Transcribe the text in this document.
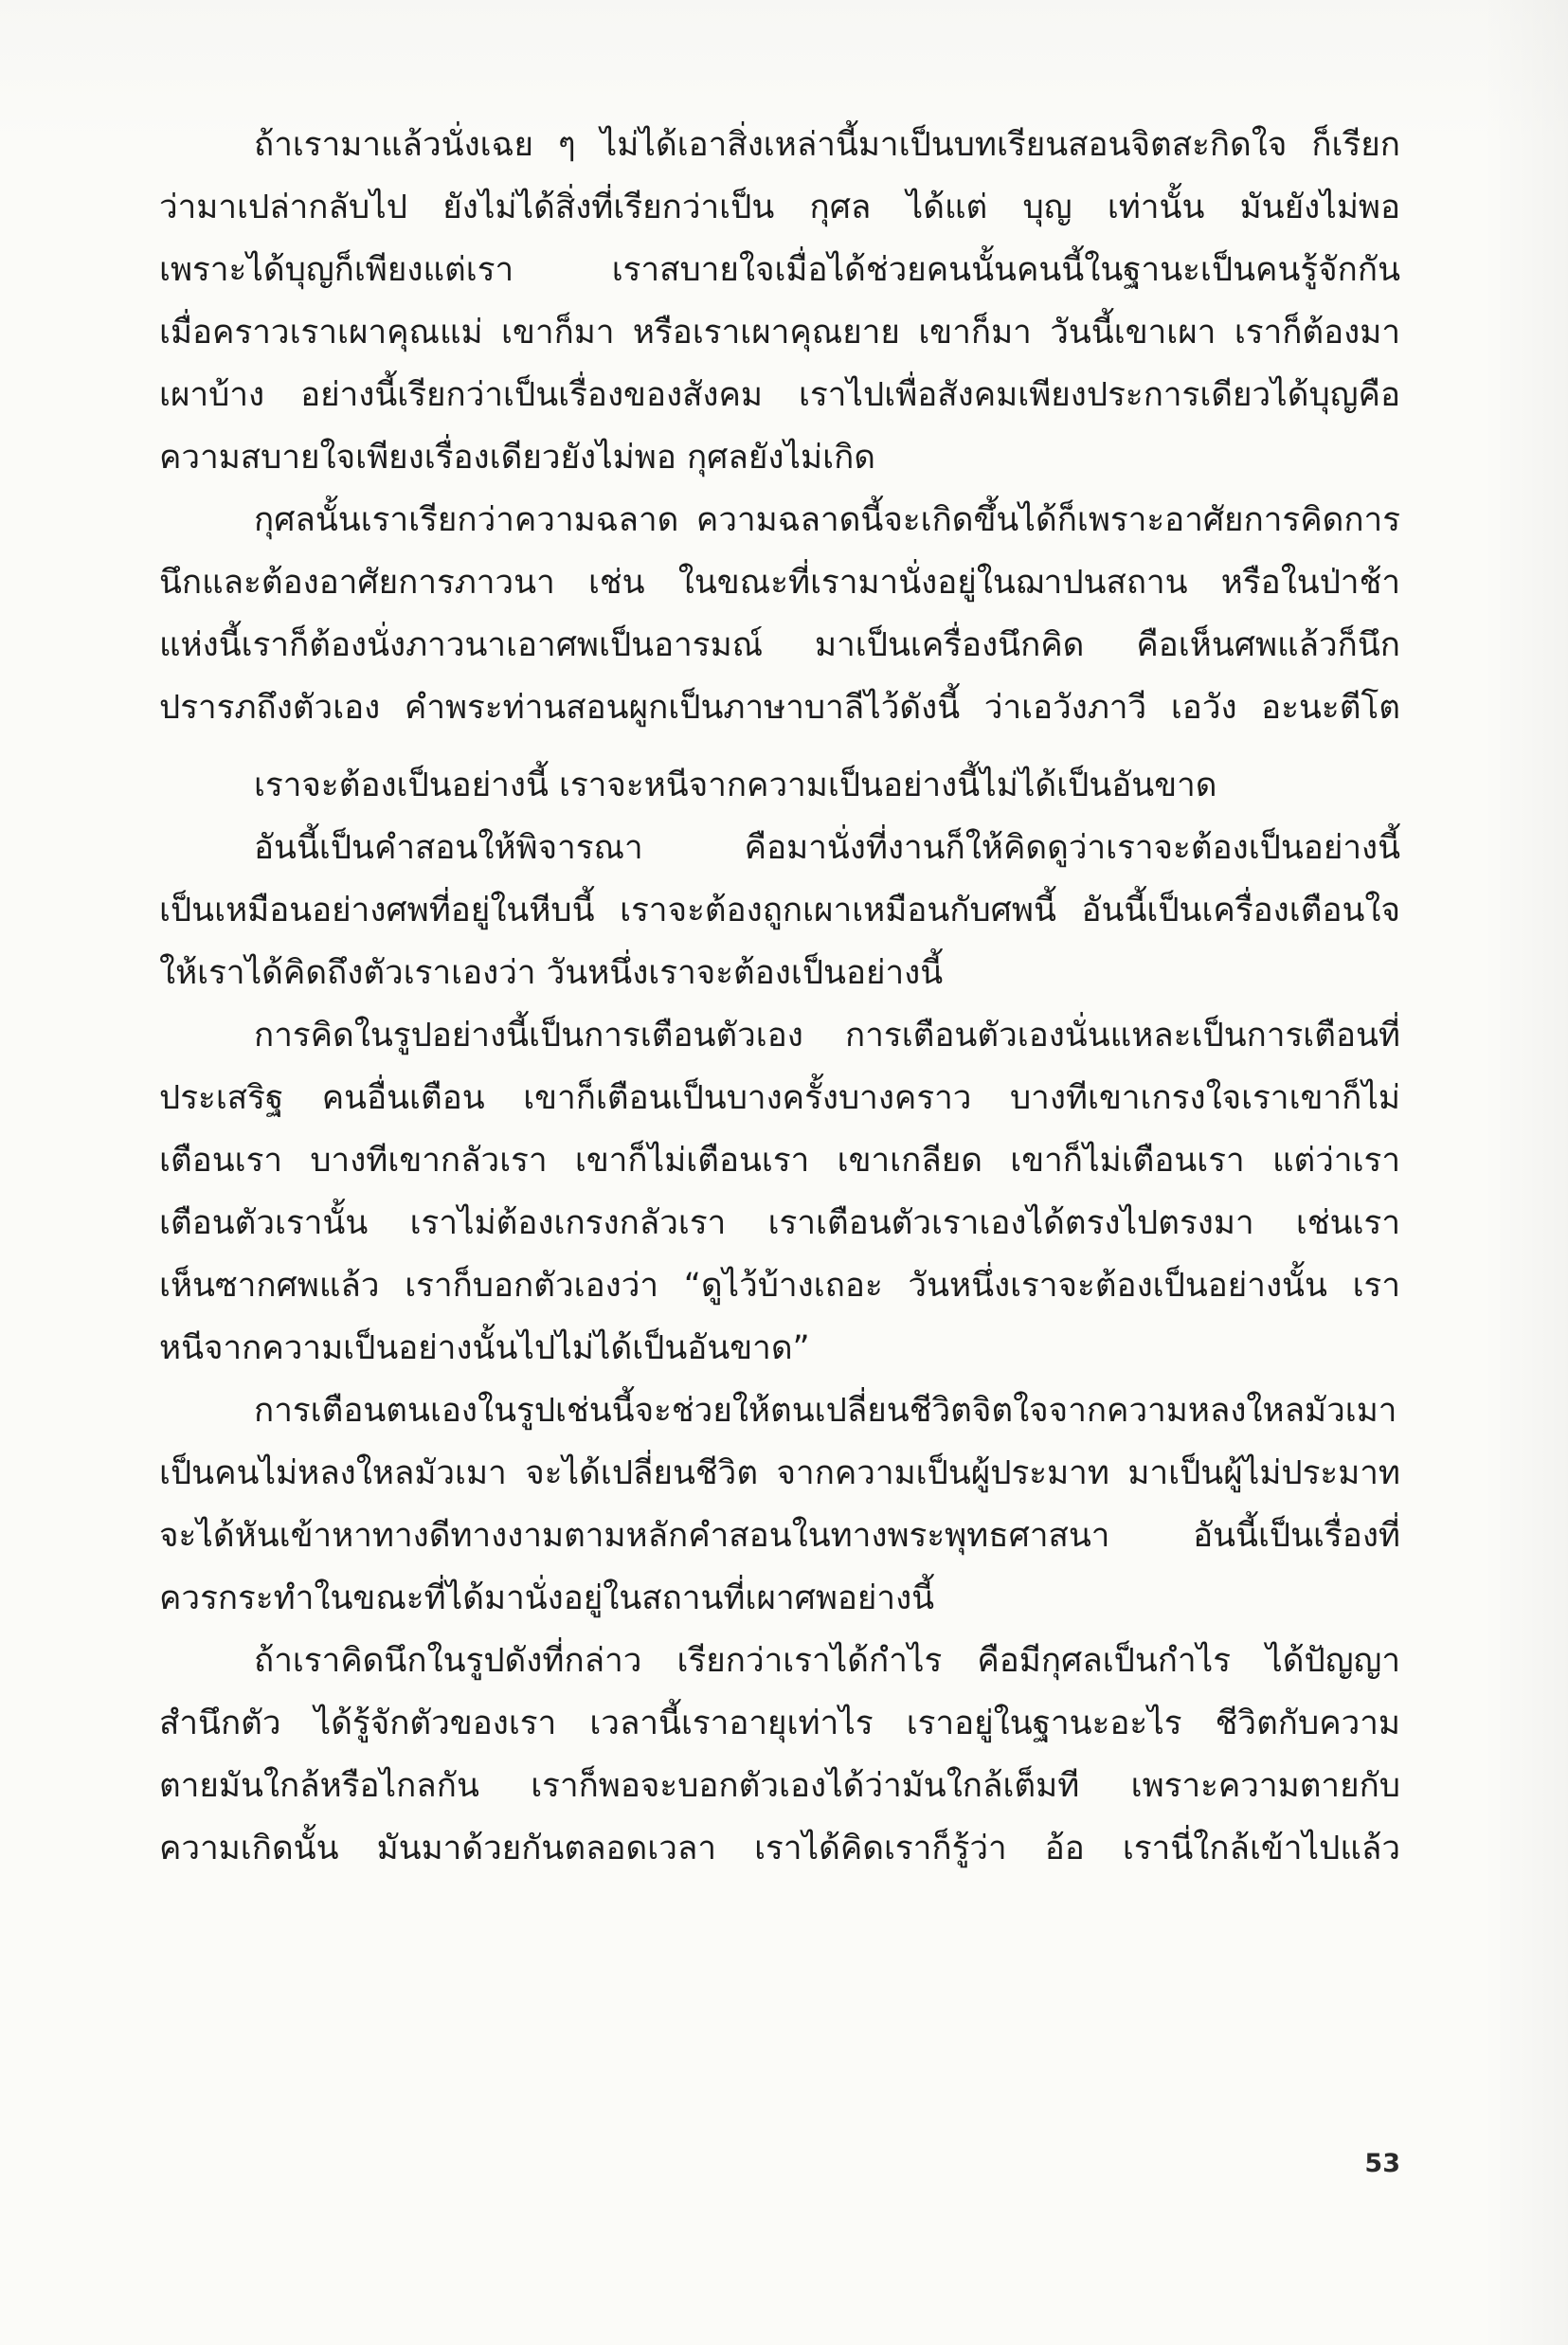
ถ้าเรามาแล้วนั่งเฉย ๆ ไม่ได้เอาสิ่งเหล่านี้มาเป็นบทเรียนสอนจิตสะกิดใจ ก็เรียก
ว่ามาเปล่ากลับไป ยังไม่ได้สิ่งที่เรียกว่าเป็น กุศล ได้แต่ บุญ เท่านั้น มันยังไม่พอ
เพราะได้บุญก็เพียงแต่เรา เราสบายใจเมื่อได้ช่วยคนนั้นคนนี้ในฐานะเป็นคนรู้จักกัน
เมื่อคราวเราเผาคุณแม่ เขาก็มา หรือเราเผาคุณยาย เขาก็มา วันนี้เขาเผา เราก็ต้องมา
เผาบ้าง อย่างนี้เรียกว่าเป็นเรื่องของสังคม เราไปเพื่อสังคมเพียงประการเดียวได้บุญคือ
ความสบายใจเพียงเรื่องเดียวยังไม่พอ กุศลยังไม่เกิด
กุศลนั้นเราเรียกว่าความฉลาด ความฉลาดนี้จะเกิดขึ้นได้ก็เพราะอาศัยการคิดการ
นึกและต้องอาศัยการภาวนา เช่น ในขณะที่เรามานั่งอยู่ในฌาปนสถาน หรือในป่าช้า
แห่งนี้เราก็ต้องนั่งภาวนาเอาศพเป็นอารมณ์ มาเป็นเครื่องนึกคิด คือเห็นศพแล้วก็นึก
ปรารภถึงตัวเอง คำพระท่านสอนผูกเป็นภาษาบาลีไว้ดังนี้ ว่าเอวังภาวี เอวัง อะนะตีโต
เราจะต้องเป็นอย่างนี้ เราจะหนีจากความเป็นอย่างนี้ไม่ได้เป็นอันขาด
อันนี้เป็นคำสอนให้พิจารณา คือมานั่งที่งานก็ให้คิดดูว่าเราจะต้องเป็นอย่างนี้
เป็นเหมือนอย่างศพที่อยู่ในหีบนี้ เราจะต้องถูกเผาเหมือนกับศพนี้ อันนี้เป็นเครื่องเตือนใจ
ให้เราได้คิดถึงตัวเราเองว่า วันหนึ่งเราจะต้องเป็นอย่างนี้
การคิดในรูปอย่างนี้เป็นการเตือนตัวเอง การเตือนตัวเองนั่นแหละเป็นการเตือนที่
ประเสริฐ คนอื่นเตือน เขาก็เตือนเป็นบางครั้งบางคราว บางทีเขาเกรงใจเราเขาก็ไม่
เตือนเรา บางทีเขากลัวเรา เขาก็ไม่เตือนเรา เขาเกลียด เขาก็ไม่เตือนเรา แต่ว่าเรา
เตือนตัวเรานั้น เราไม่ต้องเกรงกลัวเรา เราเตือนตัวเราเองได้ตรงไปตรงมา เช่นเรา
เห็นซากศพแล้ว เราก็บอกตัวเองว่า “ดูไว้บ้างเถอะ วันหนึ่งเราจะต้องเป็นอย่างนั้น เรา
หนีจากความเป็นอย่างนั้นไปไม่ได้เป็นอันขาด”
การเตือนตนเองในรูปเช่นนี้จะช่วยให้ตนเปลี่ยนชีวิตจิตใจจากความหลงใหลมัวเมา
เป็นคนไม่หลงใหลมัวเมา จะได้เปลี่ยนชีวิต จากความเป็นผู้ประมาท มาเป็นผู้ไม่ประมาท
จะได้หันเข้าหาทางดีทางงามตามหลักคำสอนในทางพระพุทธศาสนา อันนี้เป็นเรื่องที่
ควรกระทำในขณะที่ได้มานั่งอยู่ในสถานที่เผาศพอย่างนี้
ถ้าเราคิดนึกในรูปดังที่กล่าว เรียกว่าเราได้กำไร คือมีกุศลเป็นกำไร ได้ปัญญา
สำนึกตัว ได้รู้จักตัวของเรา เวลานี้เราอายุเท่าไร เราอยู่ในฐานะอะไร ชีวิตกับความ
ตายมันใกล้หรือไกลกัน เราก็พอจะบอกตัวเองได้ว่ามันใกล้เต็มที เพราะความตายกับ
ความเกิดนั้น มันมาด้วยกันตลอดเวลา เราได้คิดเราก็รู้ว่า อ้อ เรานี่ใกล้เข้าไปแล้ว
53
